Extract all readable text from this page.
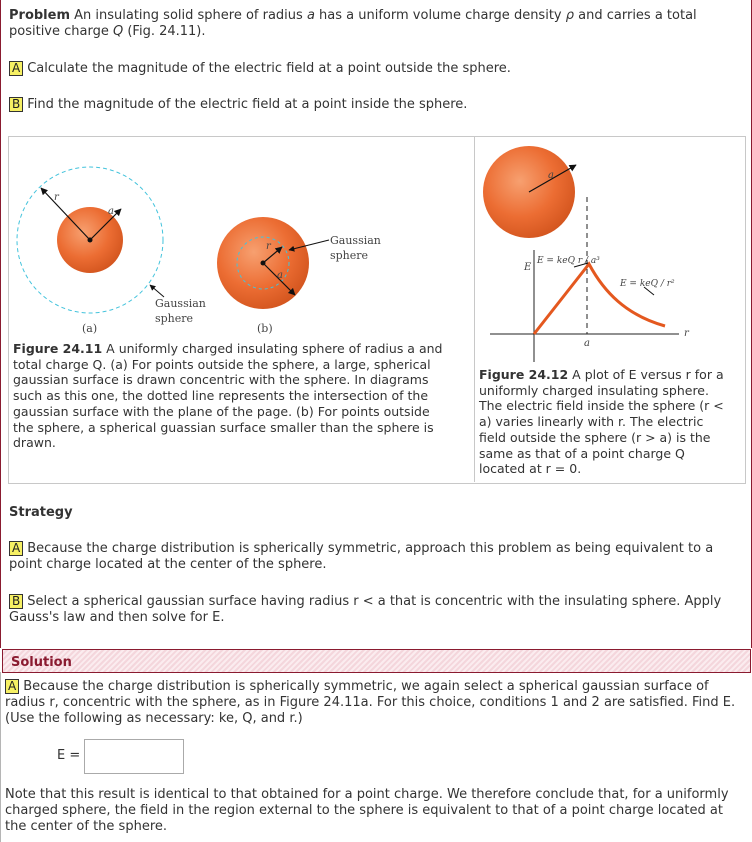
Problem An insulating solid sphere of radius a has a uniform volume charge density ρ and carries a total

positive charge Q (Fig. 24.11).

A Calculate the magnitude of the electric field at a point outside the sphere.

B Find the magnitude of the electric field at a point inside the sphere.

r
a
Gaussian
sphere
r
a
Gaussian
sphere
(a)	(b)
Figure 24.11 A uniformly charged insulating sphere of radius a and
total charge Q. (a) For points outside the sphere, a large, spherical
gaussian surface is drawn concentric with the sphere. In diagrams
such as this one, the dotted line represents the intersection of the
gaussian surface with the plane of the page. (b) For points outside
the sphere, a spherical guassian surface smaller than the sphere is
drawn.
a
E
E = keQ r / a³
E = keQ / r²
a
r
Figure 24.12 A plot of E versus r for a
uniformly charged insulating sphere.
The electric field inside the sphere (r <
a) varies linearly with r. The electric
field outside the sphere (r > a) is the
same as that of a point charge Q
located at r = 0.

Strategy

A Because the charge distribution is spherically symmetric, approach this problem as being equivalent to a

point charge located at the center of the sphere.

B Select a spherical gaussian surface having radius r < a that is concentric with the insulating sphere. Apply

Gauss's law and then solve for E.

Solution

A Because the charge distribution is spherically symmetric, we again select a spherical gaussian surface of

radius r, concentric with the sphere, as in Figure 24.11a. For this choice, conditions 1 and 2 are satisfied. Find E.

(Use the following as necessary: ke, Q, and r.)

E =

Note that this result is identical to that obtained for a point charge. We therefore conclude that, for a uniformly

charged sphere, the field in the region external to the sphere is equivalent to that of a point charge located at

the center of the sphere.
